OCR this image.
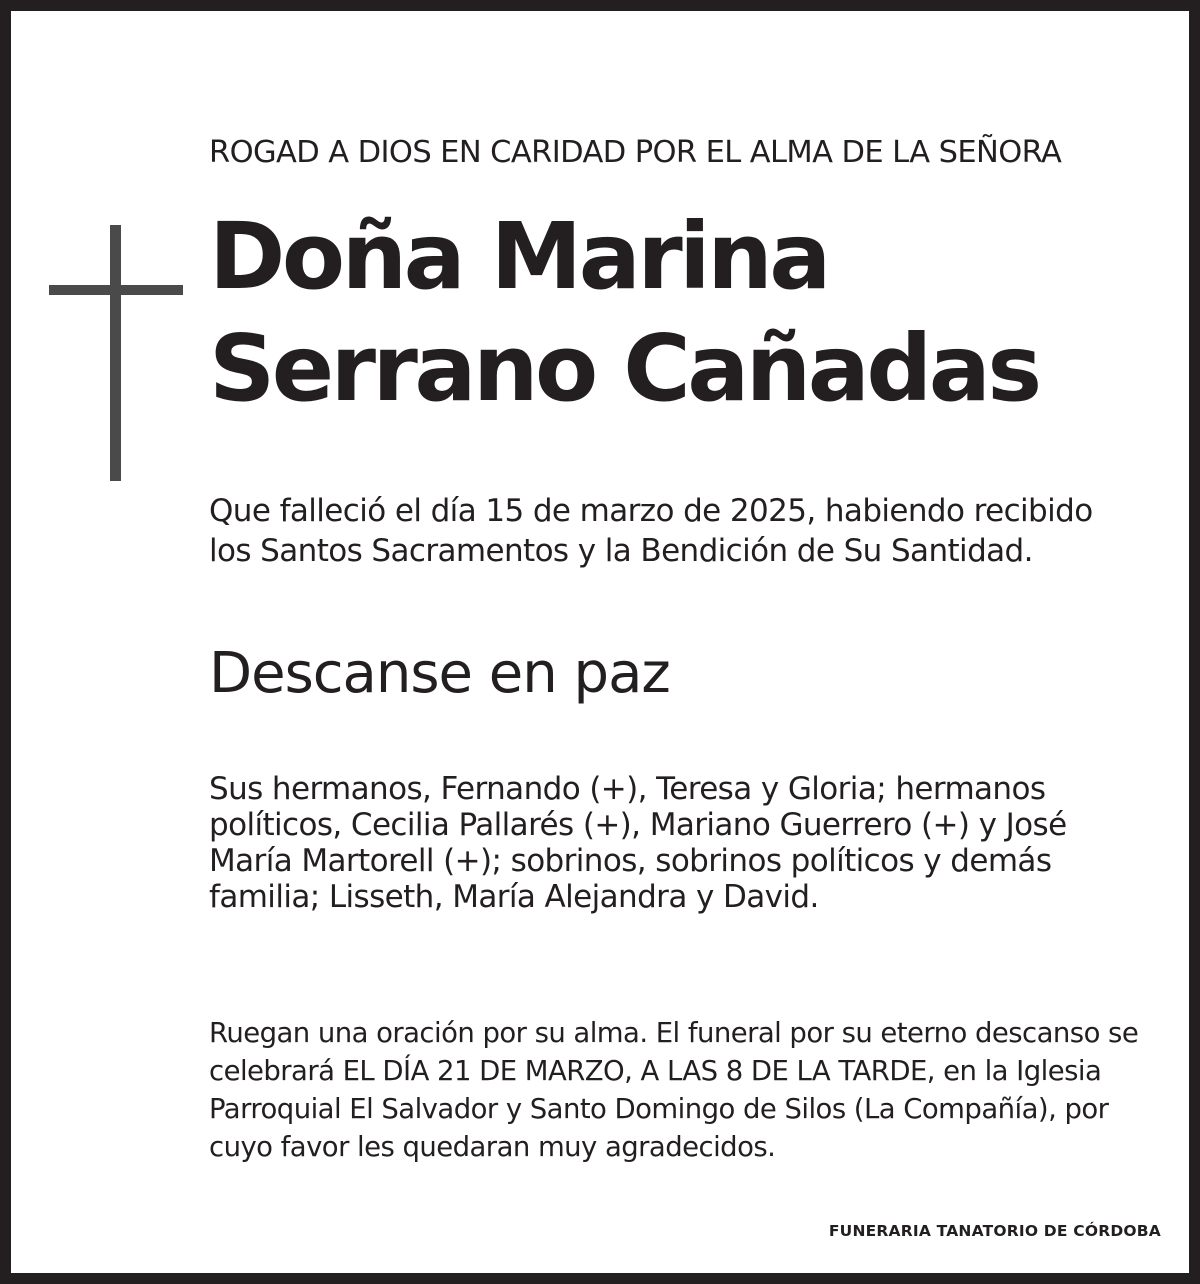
ROGAD A DIOS EN CARIDAD POR EL ALMA DE LA SEÑORA

Doña Marina
Serrano Cañadas

Que falleció el día 15 de marzo de 2025, habiendo recibido
los Santos Sacramentos y la Bendición de Su Santidad.

Descanse en paz

Sus hermanos, Fernando (+), Teresa y Gloria; hermanos
políticos, Cecilia Pallarés (+), Mariano Guerrero (+) y José
María Martorell (+); sobrinos, sobrinos políticos y demás
familia; Lisseth, María Alejandra y David.

Ruegan una oración por su alma. El funeral por su eterno descanso se
celebrará EL DÍA 21 DE MARZO, A LAS 8 DE LA TARDE, en la Iglesia
Parroquial El Salvador y Santo Domingo de Silos (La Compañía), por
cuyo favor les quedaran muy agradecidos.

FUNERARIA TANATORIO DE CÓRDOBA
